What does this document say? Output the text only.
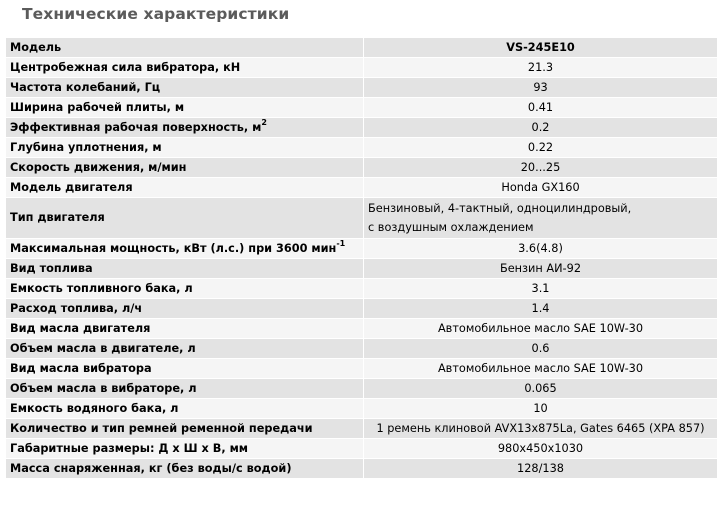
Технические характеристики
Модель	VS-245E10
Центробежная сила вибратора, кН	21.3
Частота колебаний, Гц	93
Ширина рабочей плиты, м	0.41
Эффективная рабочая поверхность, $м^2$	0.2
Глубина уплотнения, м	0.22
Скорость движения, м/мин	20...25
Модель двигателя	Honda GX160
Тип двигателя	Бензиновый, 4-тактный, одноцилиндровый,
с воздушным охлаждением

Максимальная мощность, кВт (л.с.) при 3600 мин$^{-1}$	3.6(4.8)
Вид топлива	Бензин АИ-92
Емкость топливного бака, л	3.1
Расход топлива, л/ч	1.4
Вид масла двигателя	Автомобильное масло SAE 10W-30
Объем масла в двигателе, л	0.6
Вид масла вибратора	Автомобильное масло SAE 10W-30
Объем масла в вибраторе, л	0.065
Емкость водяного бака, л	10
Количество и тип ремней ременной передачи	1 ремень клиновой AVX13x875La, Gates 6465 (XPA 857)
Габаритные размеры: Д х Ш х В, мм	980x450x1030
Масса снаряженная, кг (без воды/с водой)	128/138
